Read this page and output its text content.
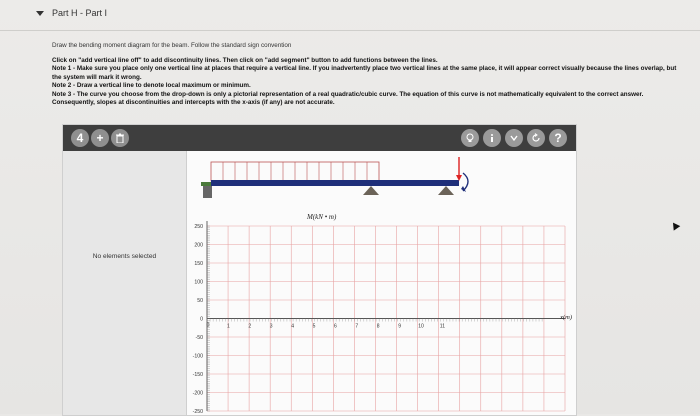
Part H - Part I

Draw the bending moment diagram for the beam. Follow the standard sign convention

Click on "add vertical line off" to add discontinuity lines. Then click on "add segment" button to add functions between the lines.

Note 1 - Make sure you place only one vertical line at places that require a vertical line. If you inadvertently place two vertical lines at the same place, it will appear correct visually because the lines overlap, but the system will mark it wrong.

Note 2 - Draw a vertical line to denote local maximum or minimum.

Note 3 - The curve you choose from the drop-down is only a pictorial representation of a real quadratic/cubic curve. The equation of this curve is not mathematically equivalent to the correct answer. Consequently, slopes at discontinuities and intercepts with the x-axis (if any) are not accurate.

4	+	?
No elements selected
250
200
150
100
50
0
-50
-100
-150
-200
-250
0	1	2	3	4	5	6	7	8	9	10	11
M(kN • m)
x(m)
